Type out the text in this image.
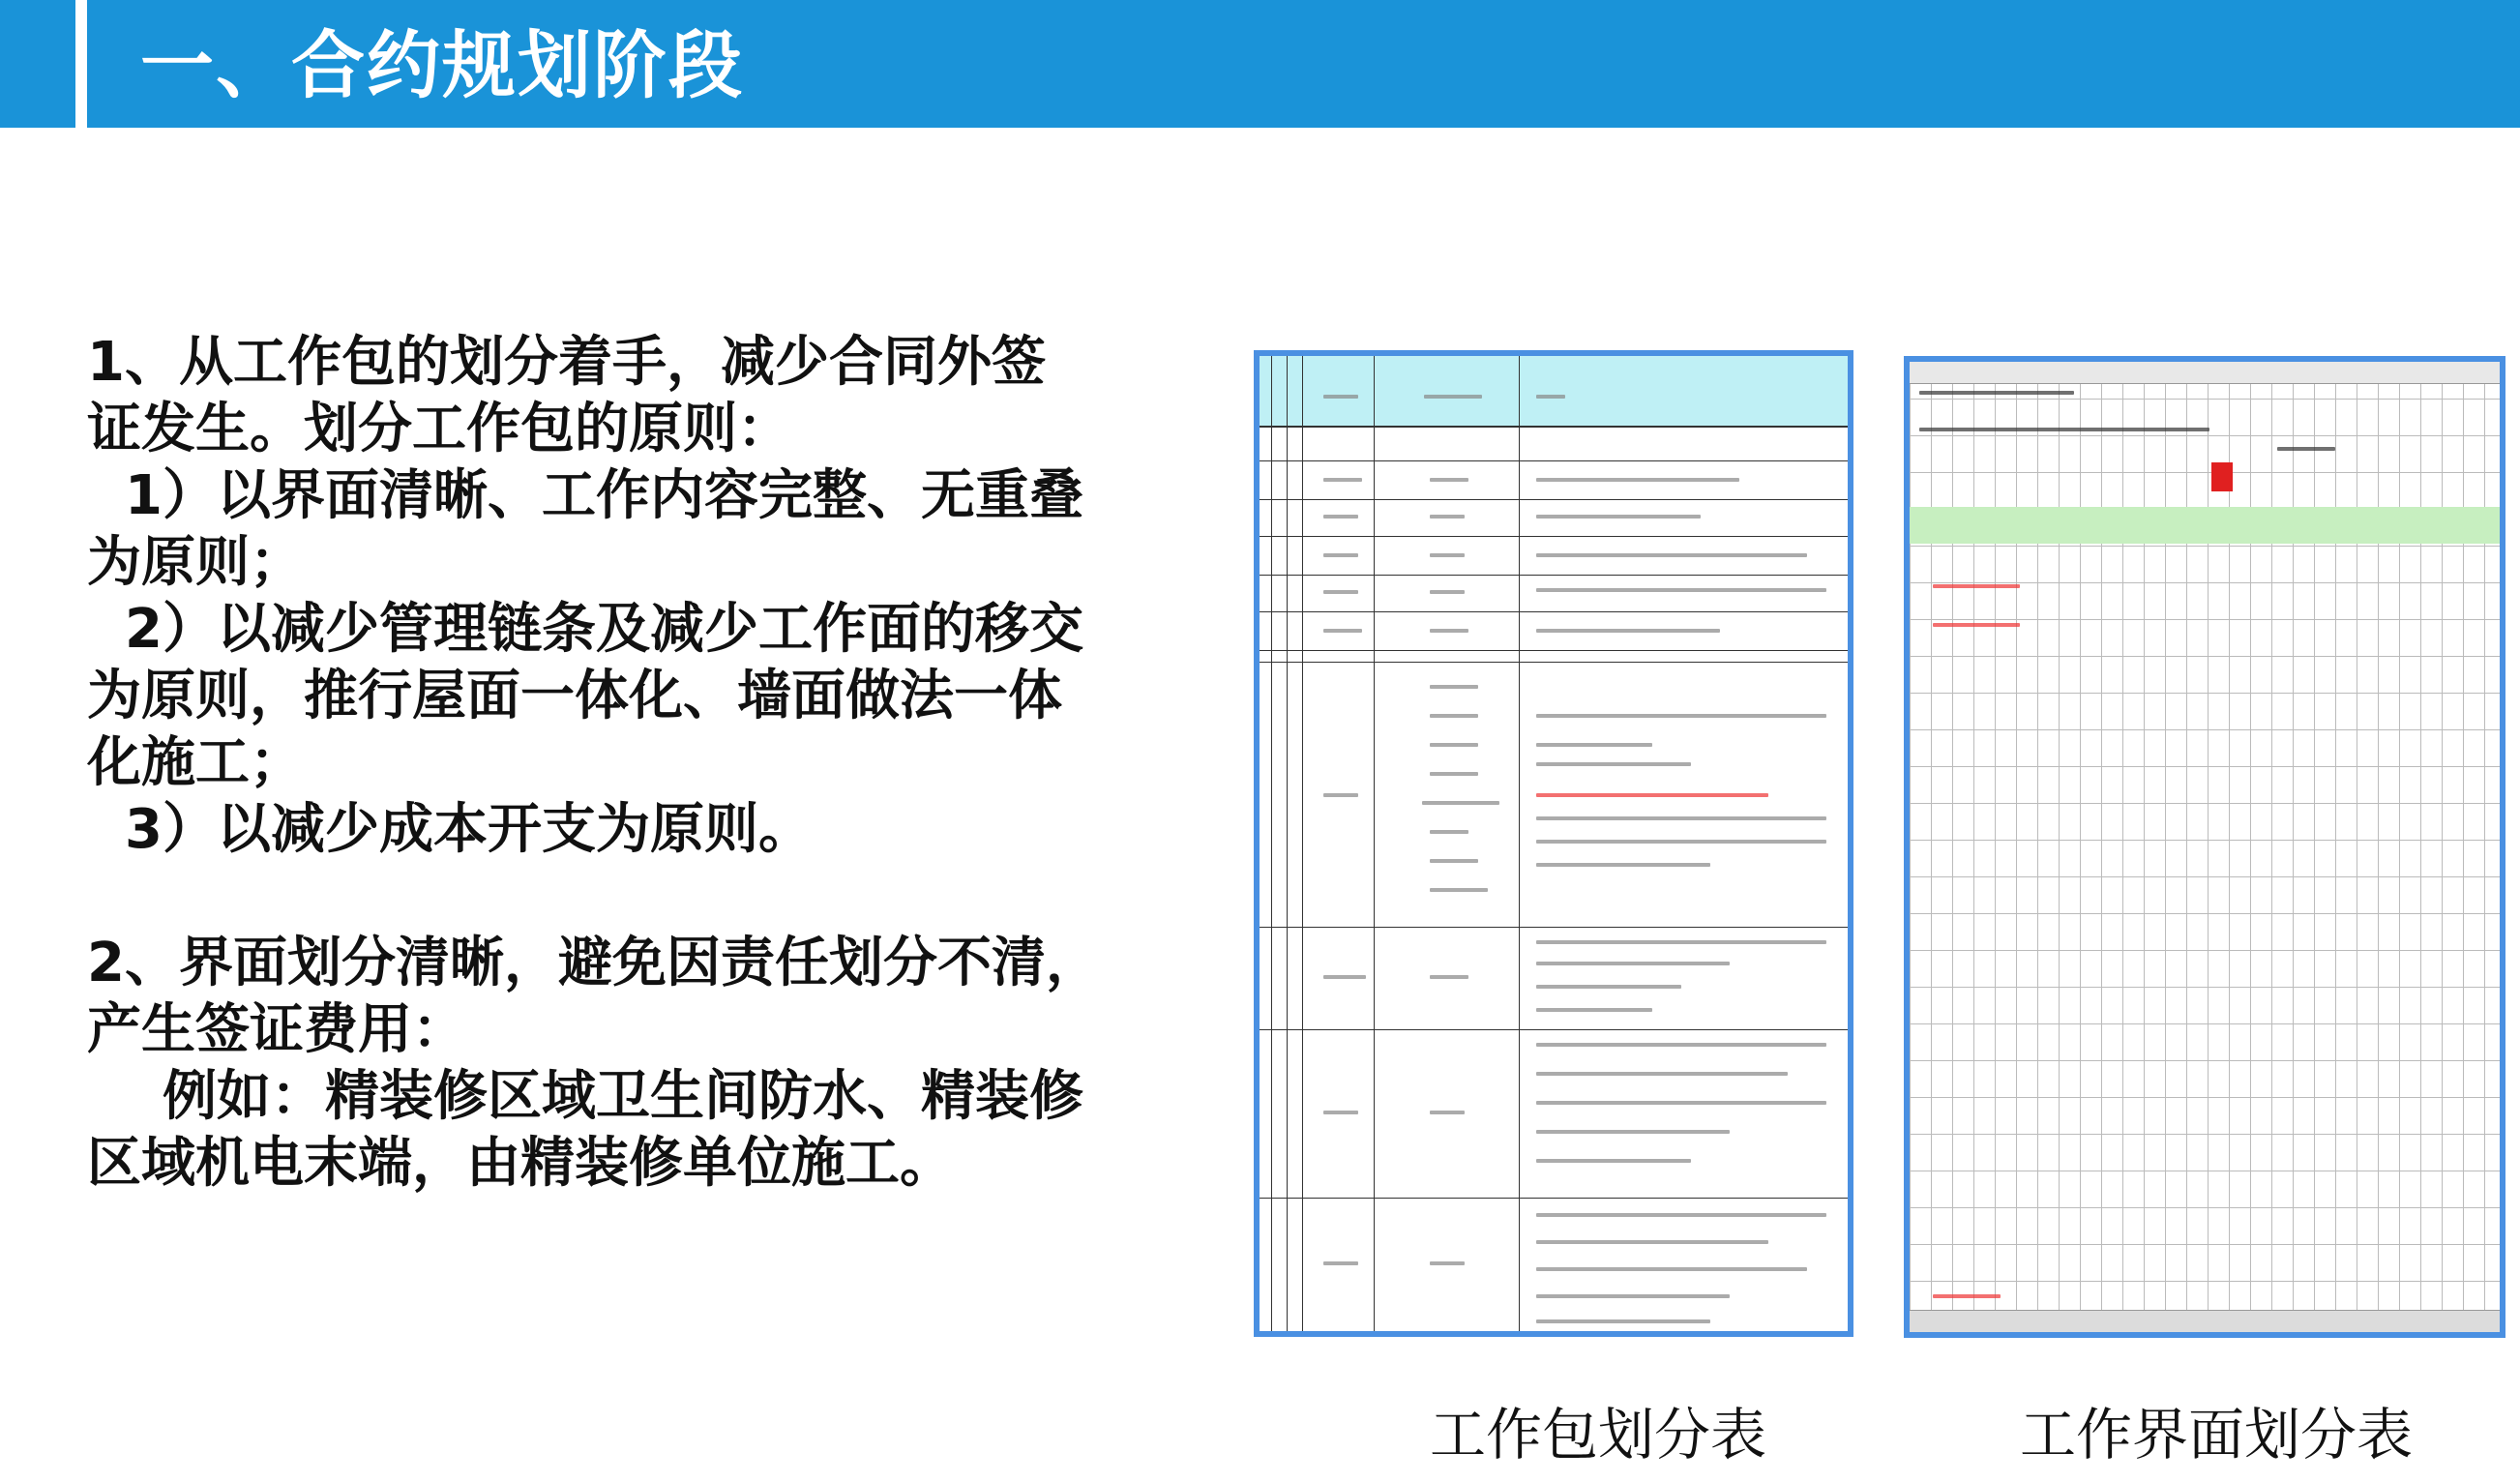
一、合约规划阶段

1、从工作包的划分着手，减少合同外签

证发生。划分工作包的原则：

1）以界面清晰、工作内容完整、无重叠

为原则；

2）以减少管理链条及减少工作面的移交

为原则，推行屋面一体化、墙面做法一体

化施工；

3）以减少成本开支为原则。

2、界面划分清晰，避免因责任划分不清，

产生签证费用：

例如：精装修区域卫生间防水、精装修

区域机电末端，由精装修单位施工。

工作包划分表	工作界面划分表
